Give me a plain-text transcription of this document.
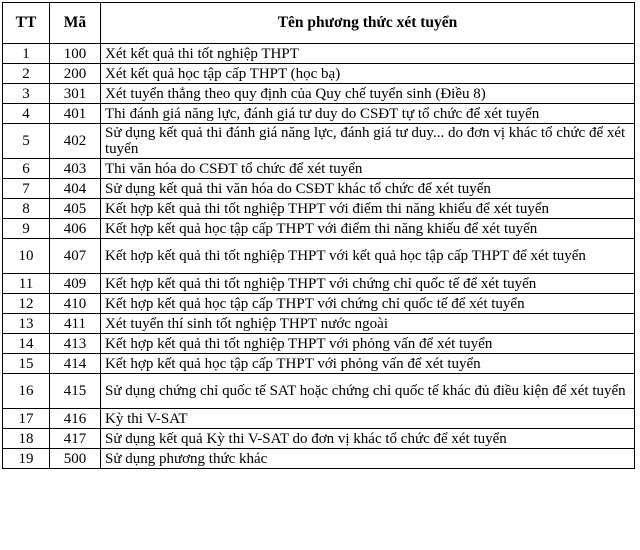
TT	Mã	Tên phương thức xét tuyển
1	100	Xét kết quả thi tốt nghiệp THPT
2	200	Xét kết quả học tập cấp THPT (học bạ)
3	301	Xét tuyển thẳng theo quy định của Quy chế tuyển sinh (Điều 8)
4	401	Thi đánh giá năng lực, đánh giá tư duy do CSĐT tự tổ chức để xét tuyển
5	402	Sử dụng kết quả thi đánh giá năng lực, đánh giá tư duy... do đơn vị khác tổ chức để xét tuyển
6	403	Thi văn hóa do CSĐT tổ chức để xét tuyển
7	404	Sử dụng kết quả thi văn hóa do CSĐT khác tổ chức để xét tuyển
8	405	Kết hợp kết quả thi tốt nghiệp THPT với điểm thi năng khiếu để xét tuyển
9	406	Kết hợp kết quả học tập cấp THPT với điểm thi năng khiếu để xét tuyển
10	407	Kết hợp kết quả thi tốt nghiệp THPT với kết quả học tập cấp THPT để xét tuyển
11	409	Kết hợp kết quả thi tốt nghiệp THPT với chứng chỉ quốc tế để xét tuyển
12	410	Kết hợp kết quả học tập cấp THPT với chứng chỉ quốc tế để xét tuyển
13	411	Xét tuyển thí sinh tốt nghiệp THPT nước ngoài
14	413	Kết hợp kết quả thi tốt nghiệp THPT với phỏng vấn để xét tuyển
15	414	Kết hợp kết quả học tập cấp THPT với phỏng vấn để xét tuyển
16	415	Sử dụng chứng chỉ quốc tế SAT hoặc chứng chỉ quốc tế khác đủ điều kiện để xét tuyển
17	416	Kỳ thi V-SAT
18	417	Sử dụng kết quả Kỳ thi V-SAT do đơn vị khác tổ chức để xét tuyển
19	500	Sử dụng phương thức khác
